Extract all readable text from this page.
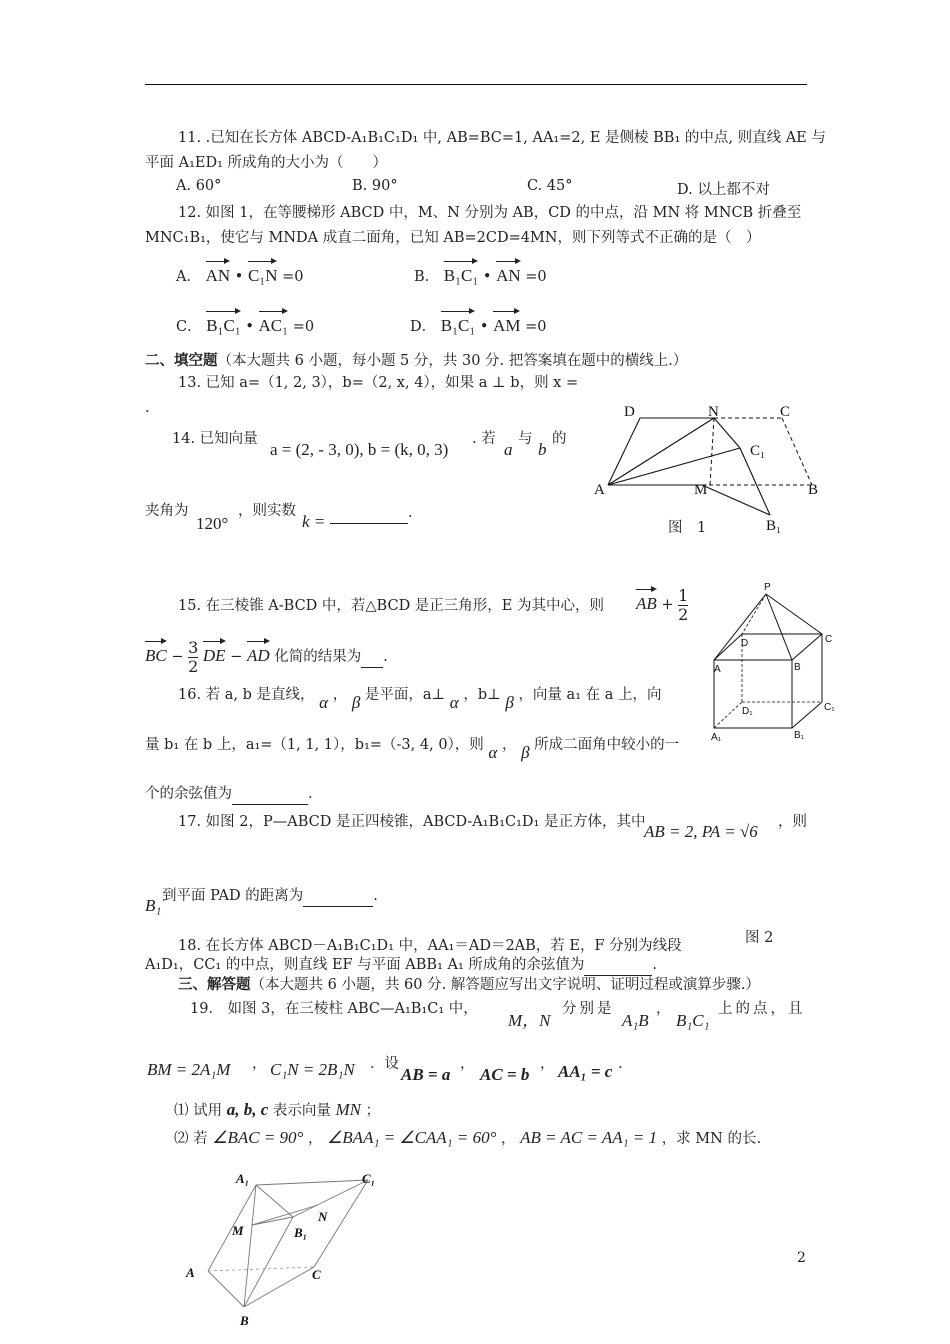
11. .已知在长方体 ABCD-A₁B₁C₁D₁ 中, AB=BC=1, AA₁=2, E 是侧棱 BB₁ 的中点, 则直线 AE 与
平面 A₁ED₁ 所成角的大小为（　　）
A. 60°	B. 90°	C. 45°	D. 以上都不对
12. 如图 1，在等腰梯形 ABCD 中，M、N 分别为 AB，CD 的中点，沿 MN 将 MNCB 折叠至
MNC₁B₁，使它与 MNDA 成直二面角，已知 AB=2CD=4MN，则下列等式不正确的是（　）
A． AN • C₁N =0	B． B₁C₁ • AN =0
C． B₁C₁ • AC₁ =0	D． B₁C₁ • AM =0
二、填空题（本大题共 6 小题，每小题 5 分，共 30 分. 把答案填在题中的横线上.）
13. 已知 a=（1, 2, 3），b=（2, x, 4），如果 a ⊥ b，则 x =
.
14. 已知向量
a = (2, - 3, 0), b = (k, 0, 3)
. 若
a
与
b
的
夹角为
120°
，则实数
k =	.
D	N	C
C₁
A	M	B
B₁
图　1
15. 在三棱锥 A-BCD 中，若△BCD 是正三角形，E 为其中心，则 AB + $\frac{1}{2}$
BC − $\frac{3}{2}$ DE − AD 化简的结果为 .
16. 若 a, b 是直线， α ， β 是平面，a⊥ α ，b⊥ β ，向量 a₁ 在 a 上，向
量 b₁ 在 b 上，a₁=（1, 1, 1），b₁=（-3, 4, 0），则 α ， β 所成二面角中较小的一
个的余弦值为	.
P
D	C
A	B
D₁	C₁
A₁	B₁
17. 如图 2，P—ABCD 是正四棱锥，ABCD-A₁B₁C₁D₁ 是正方体，其中
AB = 2, PA = √6 ，则
B₁ 到平面 PAD 的距离为	.
图 2
18. 在长方体 ABCD－A₁B₁C₁D₁ 中，AA₁＝AD＝2AB，若 E，F 分别为线段
A₁D₁，CC₁ 的中点，则直线 EF 与平面 ABB₁ A₁ 所成角的余弦值为	.
三、解答题（本大题共 6 小题，共 60 分. 解答题应写出文字说明、证明过程或演算步骤.）
19． 如图 3，在三棱柱 ABC—A₁B₁C₁ 中，
M，N
分别是
A₁B
，
B₁C₁
上的点，且
BM = 2A₁M ， C₁N = 2B₁N ．设
AB = a
，
AC = b
， AA₁ = c .
⑴ 试用 a, b, c 表示向量 MN ；
⑵ 若 ∠BAC = 90° ， ∠BAA₁ = ∠CAA₁ = 60° ， AB = AC = AA₁ = 1 ，求 MN 的长.
A₁	C₁
M
N
B₁
A	C
B
2
